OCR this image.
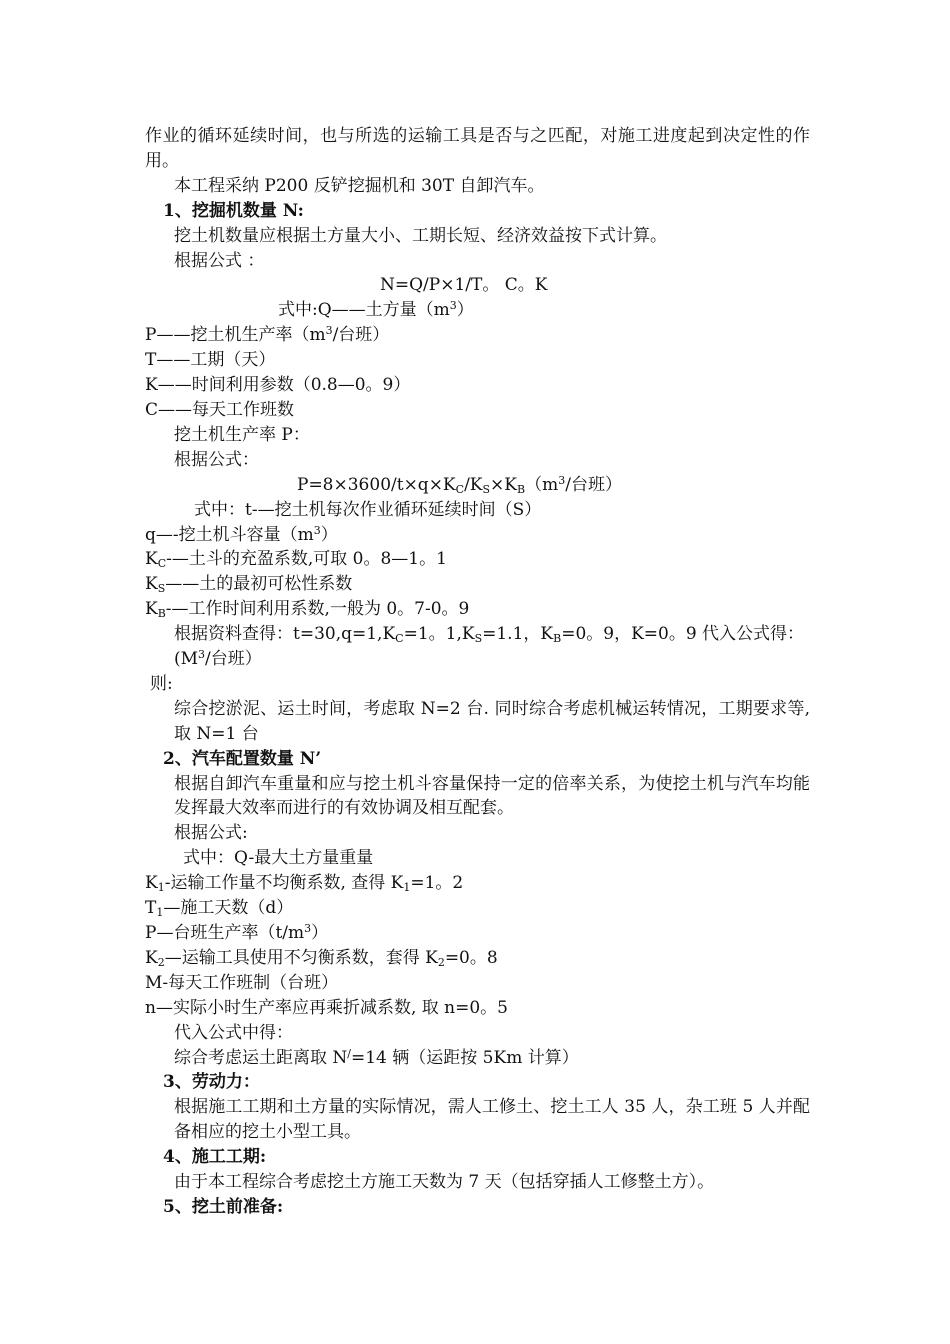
作业的循环延续时间，也与所选的运输工具是否与之匹配，对施工进度起到决定性的作用。

本工程采纳 P200 反铲挖掘机和 30T 自卸汽车。

1、挖掘机数量 N:

挖土机数量应根据土方量大小、工期长短、经济效益按下式计算。

根据公式 ：

N=Q/P×1/T。 C。K

式中:Q——土方量$(m^3)$

P——挖土机生产率（$m^3/$台班）

T——工期（天）

K——时间利用参数（0.8—0。9）

C——每天工作班数

挖土机生产率 P：

根据公式：

$P=8\times 3600/t\times q\times K_C/K_S\times K_B(m^3/$台班）

式中：t-—挖土机每次作业循环延续时间（S）

q—-挖土机斗容量$(m^3)$

$K_C-—$土斗的充盈系数,可取 0。8—1。1

$K_S——$土的最初可松性系数

$K_B-—$工作时间利用系数,一般为 0。7-0。9

根据资料查得：$t=30,q=1,K_C=1$。$1,K_S=1.1$，$K_B=0$。9，K=0。9 代入公式得：($M^3/$台班）

则:

综合挖淤泥、运土时间，考虑取 N=2 台. 同时综合考虑机械运转情况，工期要求等, 取 N=1 台

2、汽车配置数量 N’

根据自卸汽车重量和应与挖土机斗容量保持一定的倍率关系，为使挖土机与汽车均能发挥最大效率而进行的有效协调及相互配套。

根据公式:

式中：Q-最大土方量重量

$K_1-$运输工作量不均衡系数, 查得 $K_1=1$。2

$T_1—$施工天数（d）

P—台班生产率$(t/m^3)$

$K_2—$运输工具使用不匀衡系数，套得 $K_2=0$。8

M-每天工作班制（台班）

n—实际小时生产率应再乘折减系数, 取 n=0。5

代入公式中得：

综合考虑运土距离取 N/=14 辆（运距按 5Km 计算）

3、劳动力：

根据施工工期和土方量的实际情况，需人工修土、挖土工人 35 人，杂工班 5 人并配备相应的挖土小型工具。

4、施工工期:

由于本工程综合考虑挖土方施工天数为 7 天（包括穿插人工修整土方）。

5、挖土前准备:
